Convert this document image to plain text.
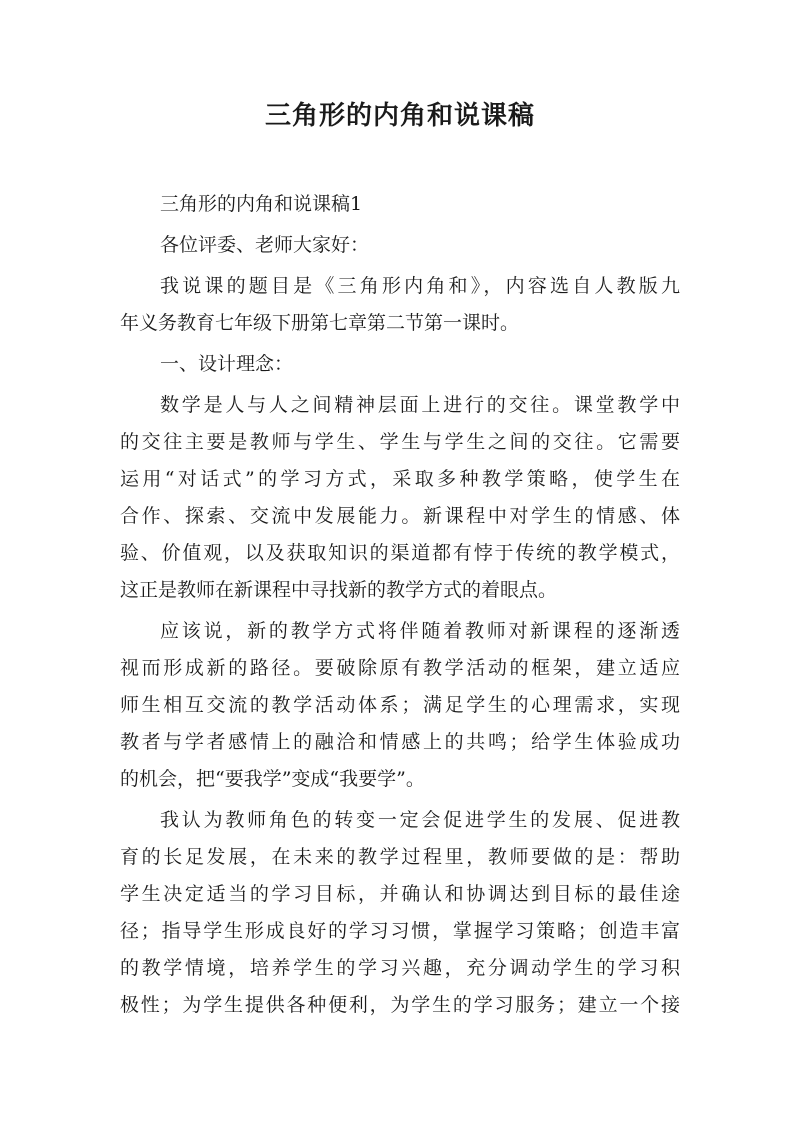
三角形的内角和说课稿
三角形的内角和说课稿1
各位评委、老师大家好：
我说课的题目是《三角形内角和》，内容选自人教版九
年义务教育七年级下册第七章第二节第一课时。
一、设计理念：
数学是人与人之间精神层面上进行的交往。课堂教学中
的交往主要是教师与学生、学生与学生之间的交往。它需要
运用“对话式”的学习方式，采取多种教学策略，使学生在
合作、探索、交流中发展能力。新课程中对学生的情感、体
验、价值观，以及获取知识的渠道都有悖于传统的教学模式，
这正是教师在新课程中寻找新的教学方式的着眼点。
应该说，新的教学方式将伴随着教师对新课程的逐渐透
视而形成新的路径。要破除原有教学活动的框架，建立适应
师生相互交流的教学活动体系；满足学生的心理需求，实现
教者与学者感情上的融洽和情感上的共鸣；给学生体验成功
的机会，把“要我学”变成“我要学”。
我认为教师角色的转变一定会促进学生的发展、促进教
育的长足发展，在未来的教学过程里，教师要做的是：帮助
学生决定适当的学习目标，并确认和协调达到目标的最佳途
径；指导学生形成良好的学习习惯，掌握学习策略；创造丰富
的教学情境，培养学生的学习兴趣，充分调动学生的学习积
极性；为学生提供各种便利，为学生的学习服务；建立一个接
